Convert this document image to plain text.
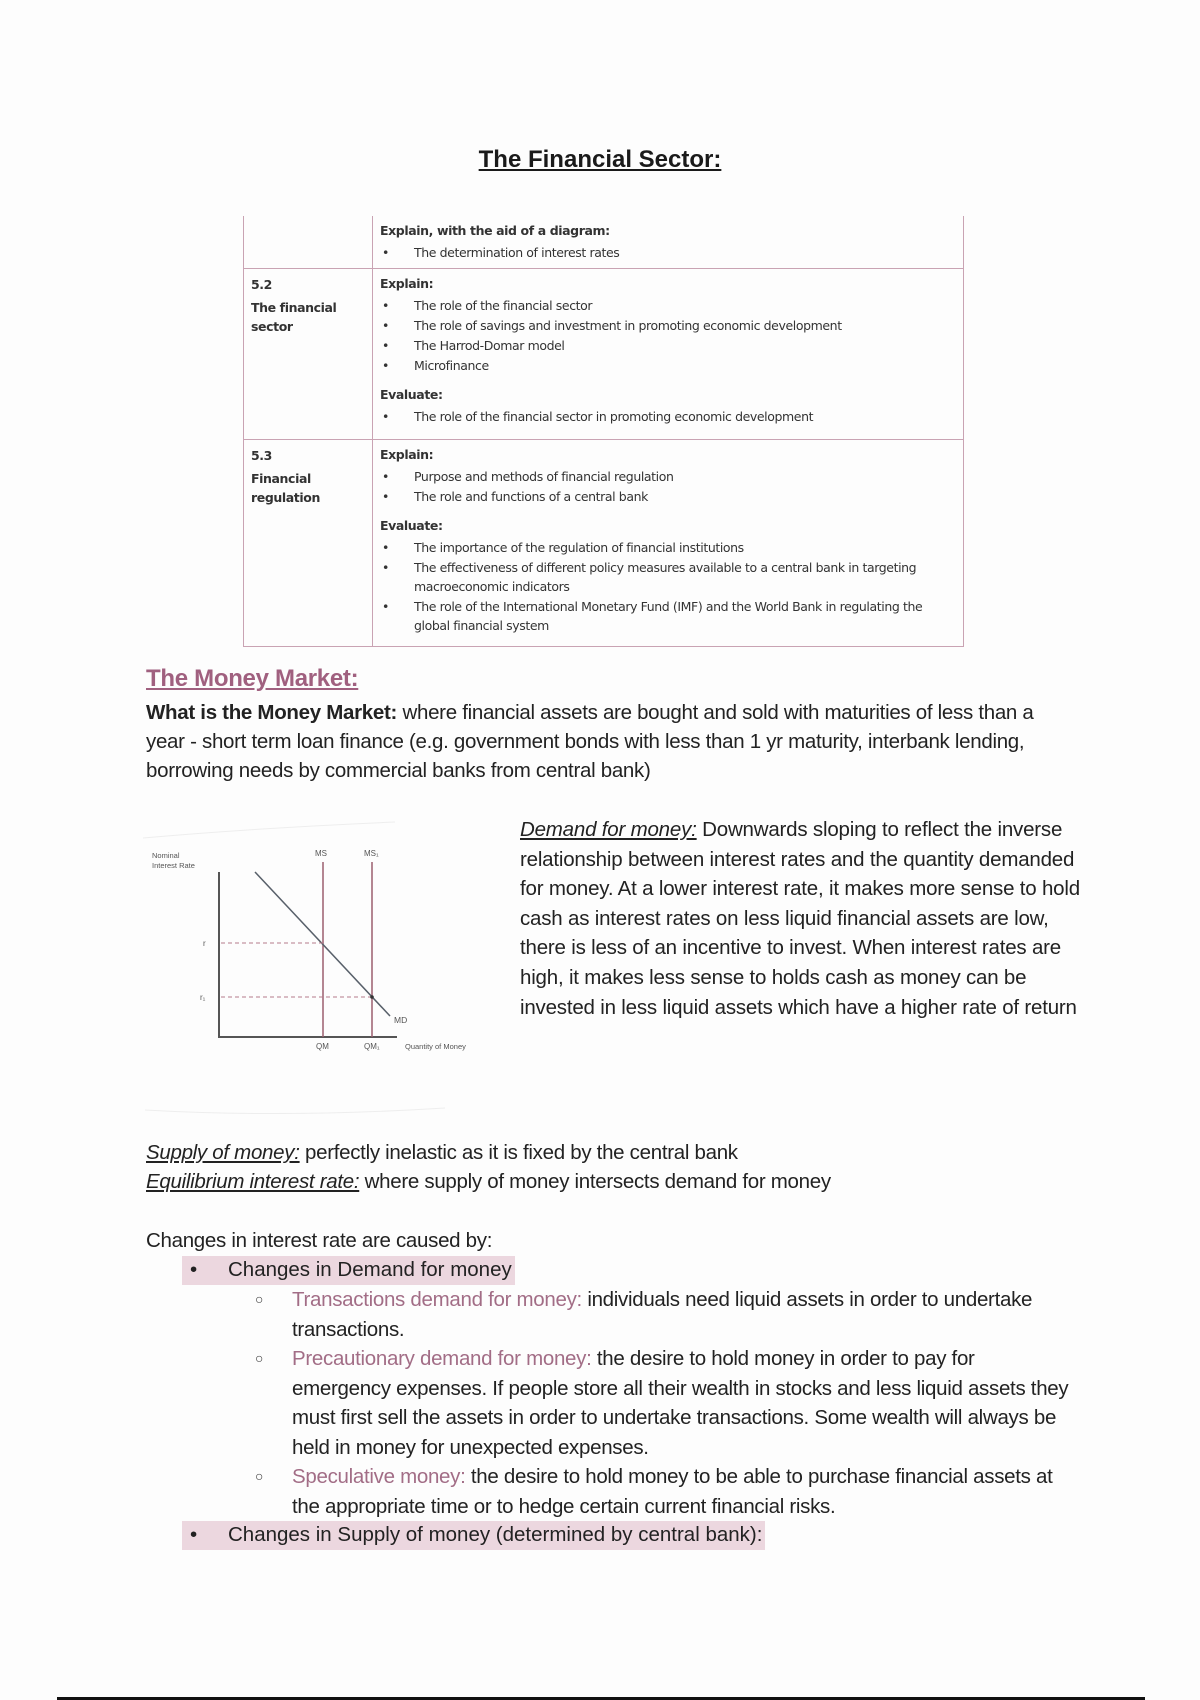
The Financial Sector:
Explain, with the aid of a diagram:
•	The determination of interest rates
5.2
The financial sector
Explain:
•	The role of the financial sector
•	The role of savings and investment in promoting economic development
•	The Harrod-Domar model
•	Microfinance
Evaluate:
•	The role of the financial sector in promoting economic development
5.3
Financial regulation
Explain:
•	Purpose and methods of financial regulation
•	The role and functions of a central bank
Evaluate:
•	The importance of the regulation of financial institutions
•	The effectiveness of different policy measures available to a central bank in targeting macroeconomic indicators
•	The role of the International Monetary Fund (IMF) and the World Bank in regulating the global financial system
The Money Market:
What is the Money Market: where financial assets are bought and sold with maturities of less than a year - short term loan finance (e.g. government bonds with less than 1 yr maturity, interbank lending, borrowing needs by commercial banks from central bank)
Nominal
Interest Rate
MS	MS₁
r
r₁
MD
QM	QM₁	Quantity of Money
Demand for money: Downwards sloping to reflect the inverse relationship between interest rates and the quantity demanded for money. At a lower interest rate, it makes more sense to hold cash as interest rates on less liquid financial assets are low, there is less of an incentive to invest. When interest rates are high, it makes less sense to holds cash as money can be invested in less liquid assets which have a higher rate of return
Supply of money: perfectly inelastic as it is fixed by the central bank
Equilibrium interest rate: where supply of money intersects demand for money
Changes in interest rate are caused by:
• Changes in Demand for money
○ Transactions demand for money: individuals need liquid assets in order to undertake transactions.
○ Precautionary demand for money: the desire to hold money in order to pay for emergency expenses. If people store all their wealth in stocks and less liquid assets they must first sell the assets in order to undertake transactions. Some wealth will always be held in money for unexpected expenses.
○ Speculative money: the desire to hold money to be able to purchase financial assets at the appropriate time or to hedge certain current financial risks.
• Changes in Supply of money (determined by central bank):
